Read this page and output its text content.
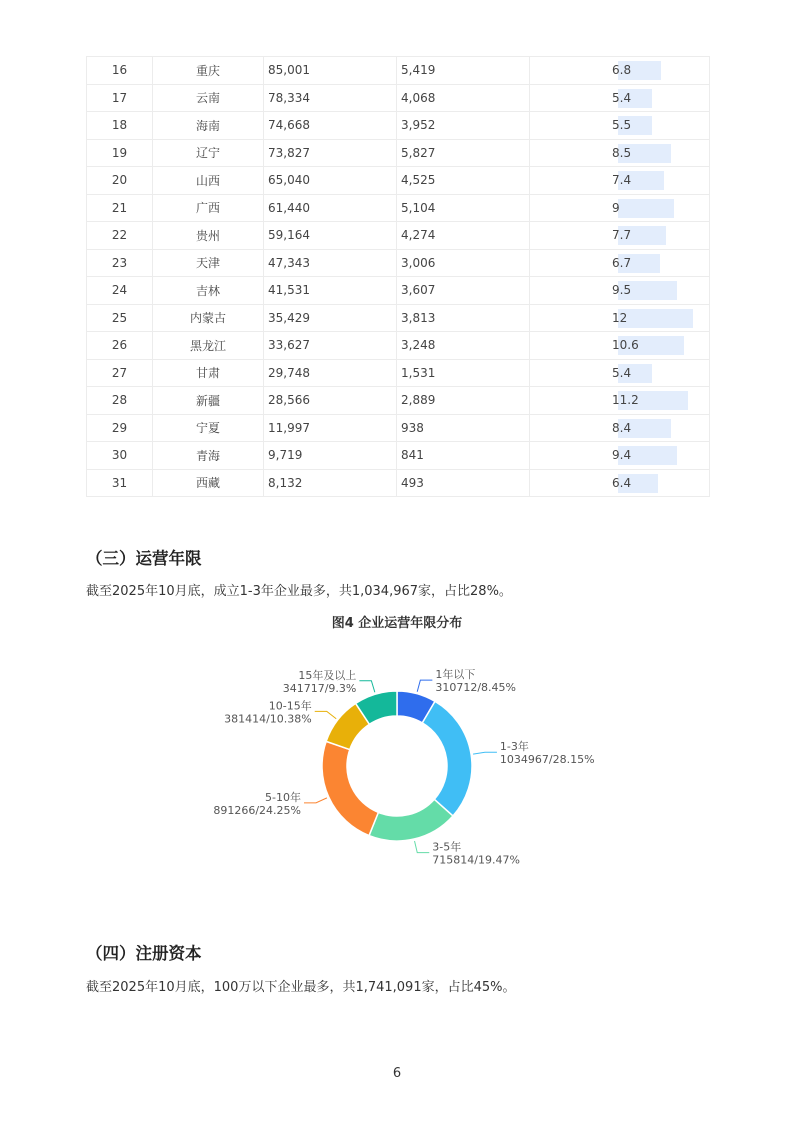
16	重庆	85,001	5,419	6.8

17	云南	78,334	4,068	5.4

18	海南	74,668	3,952	5.5

19	辽宁	73,827	5,827	8.5

20	山西	65,040	4,525	7.4

21	广西	61,440	5,104	9

22	贵州	59,164	4,274	7.7

23	天津	47,343	3,006	6.7

24	吉林	41,531	3,607	9.5

25	内蒙古	35,429	3,813	12

26	黑龙江	33,627	3,248	10.6

27	甘肃	29,748	1,531	5.4

28	新疆	28,566	2,889	11.2

29	宁夏	11,997	938	8.4

30	青海	9,719	841	9.4

31	西藏	8,132	493	6.4
（三）运营年限

截至2025年10月底，成立1-3年企业最多，共1,034,967家，占比28%。

图4 企业运营年限分布

1年以下
310712/8.45%
1-3年
1034967/28.15%
3-5年
715814/19.47%
5-10年
891266/24.25%
10-15年
381414/10.38%
15年及以上
341717/9.3%
（四）注册资本

截至2025年10月底，100万以下企业最多，共1,741,091家，占比45%。

6
